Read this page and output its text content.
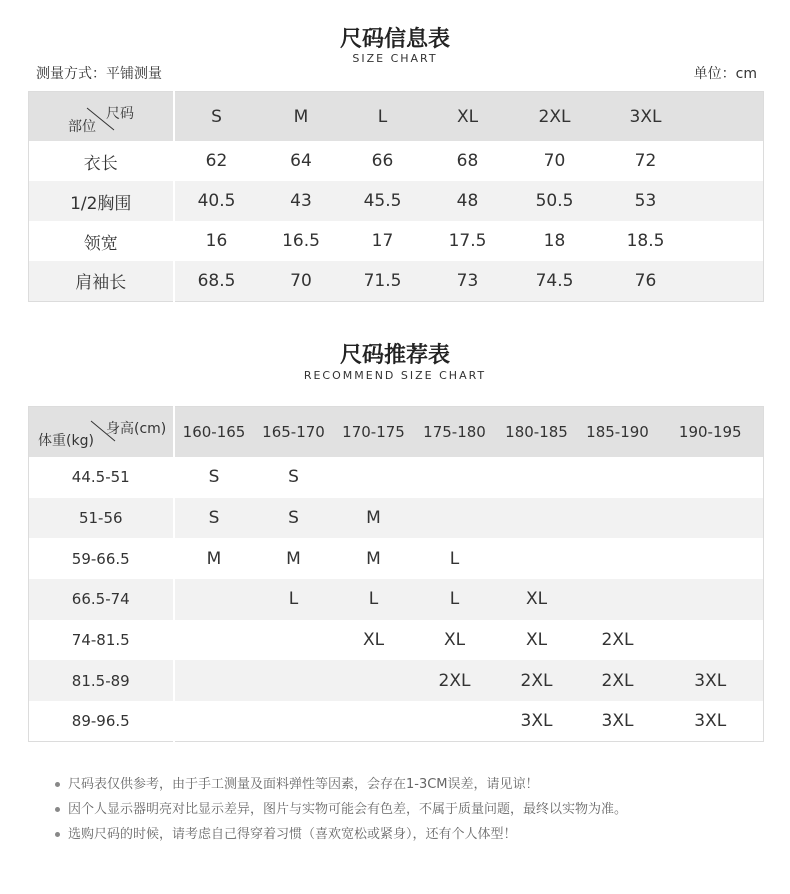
尺码信息表
SIZE CHART
测量方式：平铺测量	单位：cm
尺码
部位	S	M	L	XL	2XL	3XL	
衣长	62	64	66	68	70	72	
1/2胸围	40.5	43	45.5	48	50.5	53	
领宽	16	16.5	17	17.5	18	18.5	
肩袖长	68.5	70	71.5	73	74.5	76	
尺码推荐表
RECOMMEND SIZE CHART
身高(cm)
体重(kg)	160-165	165-170	170-175	175-180	180-185	185-190	190-195
44.5-51	S	S					
51-56	S	S	M				
59-66.5	M	M	M	L			
66.5-74		L	L	L	XL		
74-81.5			XL	XL	XL	2XL	
81.5-89				2XL	2XL	2XL	3XL
89-96.5					3XL	3XL	3XL
尺码表仅供参考，由于手工测量及面料弹性等因素，会存在1-3CM误差，请见谅！
因个人显示器明亮对比显示差异，图片与实物可能会有色差，不属于质量问题，最终以实物为准。
选购尺码的时候，请考虑自己得穿着习惯（喜欢宽松或紧身），还有个人体型！
